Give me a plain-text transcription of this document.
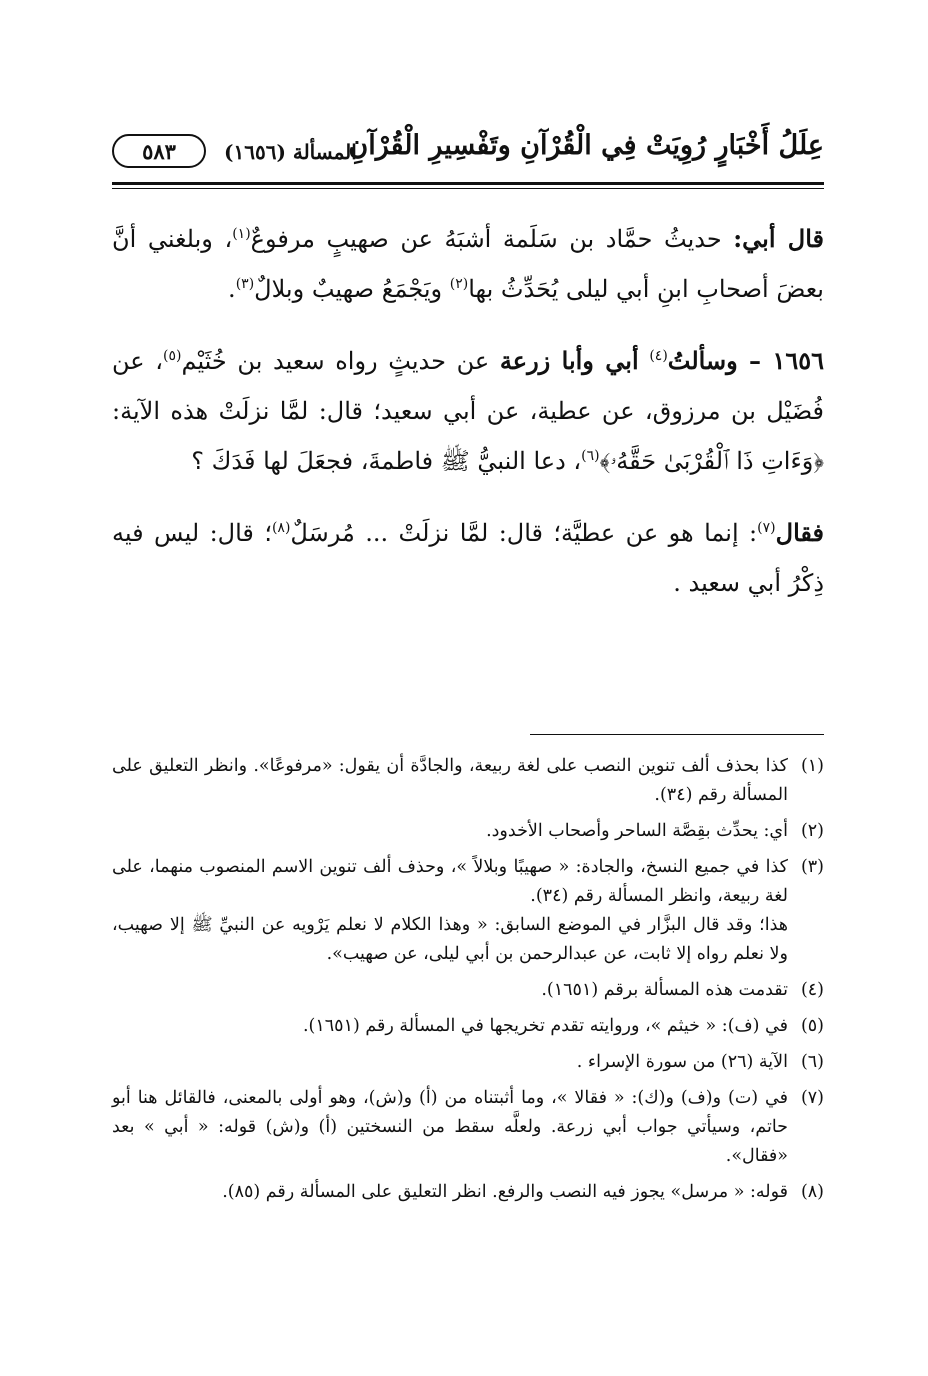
عِلَلُ أَخْبَارٍ رُوِيَتْ فِي الْقُرْآنِ وتَفْسِيرِ الْقُرْآنِ
المسألة (١٦٥٦)
٥٨٣

قال أبي: حديثُ حمَّاد بن سَلَمة أشبَهُ عن صهيبٍ مرفوعٌ$^{(١)}$، وبلغني أنَّ بعضَ أصحابِ ابنِ أبي ليلى يُحَدِّثُ بها$^{(٢)}$ ويَجْمَعُ صهيبٌ وبلالٌ$^{(٣)}$.

١٦٥٦ – وسألتُ$^{(٤)}$ أبي وأبا زرعة عن حديثٍ رواه سعيد بن خُثَيْم$^{(٥)}$، عن فُضَيْل بن مرزوق، عن عطية، عن أبي سعيد؛ قال: لمَّا نزلَتْ هذه الآية: ﴿وَءَاتِ ذَا ٱلْقُرْبَىٰ حَقَّهُۥ﴾$^{(٦)}$، دعا النبيُّ ﷺ فاطمةَ، فجعَلَ لها فَدَكَ ؟

فقال$^{(٧)}$: إنما هو عن عطيَّة؛ قال: لمَّا نزلَتْ ... مُرسَلٌ$^{(٨)}$؛ قال: ليس فيه ذِكْرُ أبي سعيد .

(١)

كذا بحذف ألف تنوين النصب على لغة ربيعة، والجادَّة أن يقول: «مرفوعًا». وانظر التعليق على المسألة رقم (٣٤).

(٢)

أي: يحدِّث بقِصَّة الساحر وأصحاب الأخدود.

(٣)

كذا في جميع النسخ، والجادة: « صهيبًا وبلالاً »، وحذف ألف تنوين الاسم المنصوب منهما، على لغة ربيعة، وانظر المسألة رقم (٣٤).

هذا؛ وقد قال البزَّار في الموضع السابق: « وهذا الكلام لا نعلم يَرْويه عن النبيِّ ﷺ إلا صهيب، ولا نعلم رواه إلا ثابت، عن عبدالرحمن بن أبي ليلى، عن صهيب».

(٤)

تقدمت هذه المسألة برقم (١٦٥١).

(٥)

في (ف): « خيثم »، وروايته تقدم تخريجها في المسألة رقم (١٦٥١).

(٦)

الآية (٢٦) من سورة الإسراء .

(٧)

في (ت) و(ف) و(ك): « فقالا »، وما أثبتناه من (أ) و(ش)، وهو أولى بالمعنى، فالقائل هنا أبو حاتم، وسيأتي جواب أبي زرعة. ولعلَّه سقط من النسختين (أ) و(ش) قوله: « أبي » بعد «فقال».

(٨)

قوله: « مرسل» يجوز فيه النصب والرفع. انظر التعليق على المسألة رقم (٨٥).
